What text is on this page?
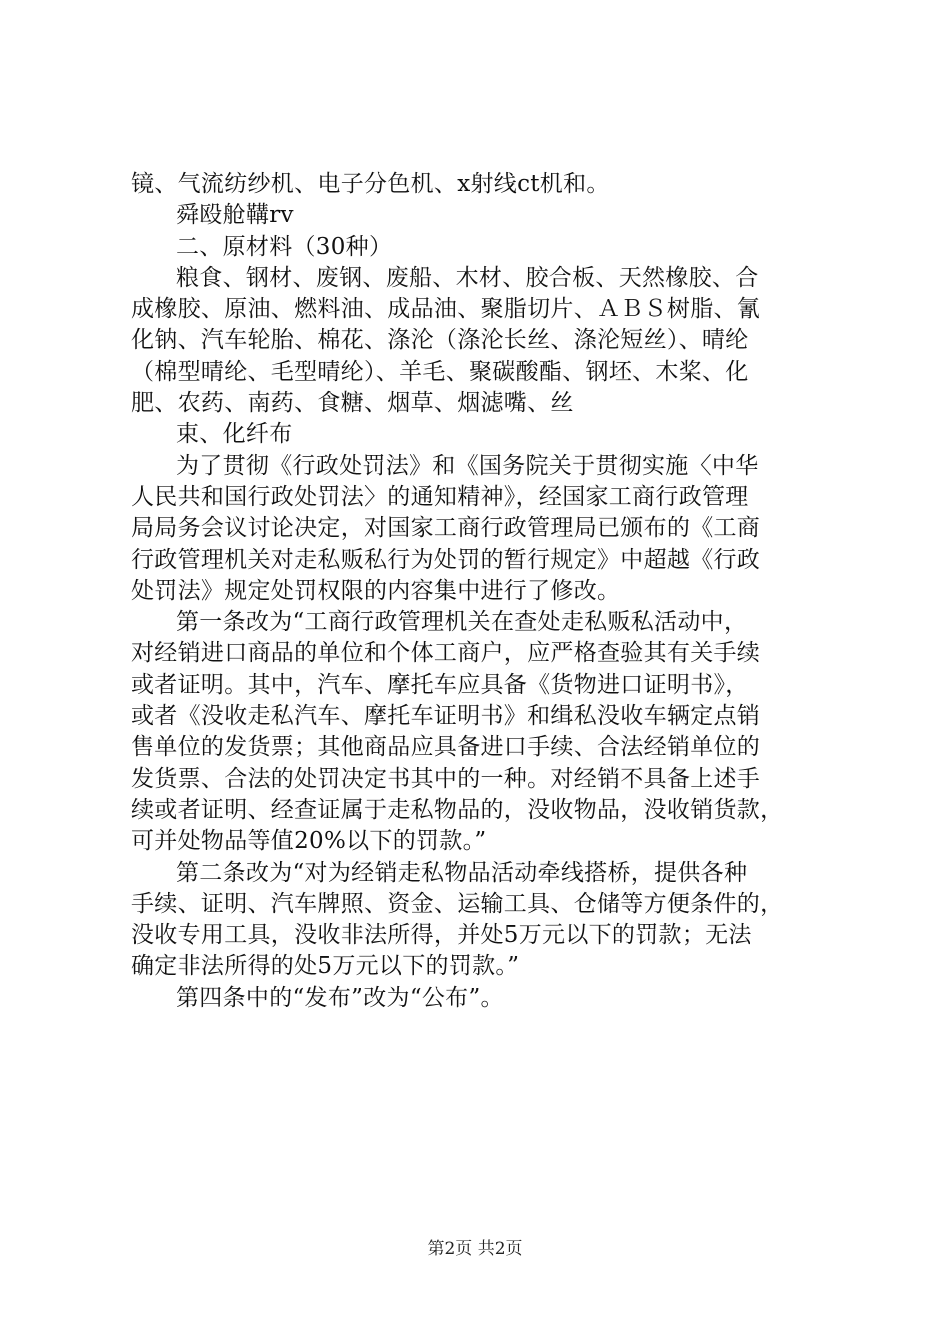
镜、气流纺纱机、电子分色机、x射线ct机和。
舜殴舱鞲rv
二、原材料（30种）
粮食、钢材、废钢、废船、木材、胶合板、天然橡胶、合
成橡胶、原油、燃料油、成品油、聚脂切片、ＡＢＳ树脂、氰
化钠、汽车轮胎、棉花、涤沦（涤沦长丝、涤沦短丝）、晴纶
（棉型晴纶、毛型晴纶）、羊毛、聚碳酸酯、钢坯、木桨、化
肥、农药、南药、食糖、烟草、烟滤嘴、丝
束、化纤布
为了贯彻《行政处罚法》和《国务院关于贯彻实施〈中华
人民共和国行政处罚法〉的通知精神》，经国家工商行政管理
局局务会议讨论决定，对国家工商行政管理局已颁布的《工商
行政管理机关对走私贩私行为处罚的暂行规定》中超越《行政
处罚法》规定处罚权限的内容集中进行了修改。
第一条改为“工商行政管理机关在查处走私贩私活动中，
对经销进口商品的单位和个体工商户，应严格查验其有关手续
或者证明。其中，汽车、摩托车应具备《货物进口证明书》，
或者《没收走私汽车、摩托车证明书》和缉私没收车辆定点销
售单位的发货票；其他商品应具备进口手续、合法经销单位的
发货票、合法的处罚决定书其中的一种。对经销不具备上述手
续或者证明、经查证属于走私物品的，没收物品，没收销货款，
可并处物品等值20%以下的罚款。”
第二条改为“对为经销走私物品活动牵线搭桥，提供各种
手续、证明、汽车牌照、资金、运输工具、仓储等方便条件的，
没收专用工具，没收非法所得，并处5万元以下的罚款；无法
确定非法所得的处5万元以下的罚款。”
第四条中的“发布”改为“公布”。
第2页 共2页
